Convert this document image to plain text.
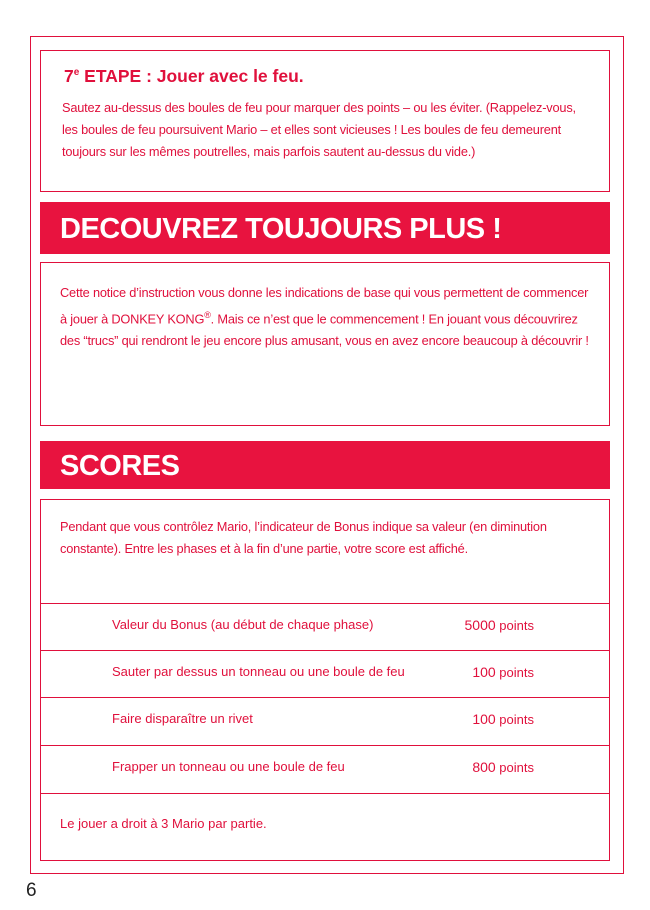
7e ETAPE : Jouer avec le feu.
Sautez au-dessus des boules de feu pour marquer des points – ou les éviter. (Rappelez-vous, les boules de feu poursuivent Mario – et elles sont vicieuses ! Les boules de feu demeurent toujours sur les mêmes poutrelles, mais parfois sautent au-dessus du vide.)
DECOUVREZ TOUJOURS PLUS !
Cette notice d’instruction vous donne les indications de base qui vous permettent de commencer à jouer à DONKEY KONG®. Mais ce n’est que le commencement ! En jouant vous découvrirez des “trucs” qui rendront le jeu encore plus amusant, vous en avez encore beaucoup à découvrir !
SCORES
Pendant que vous contrôlez Mario, l’indicateur de Bonus indique sa valeur (en diminution constante). Entre les phases et à la fin d’une partie, votre score est affiché.
Valeur du Bonus (au début de chaque phase)	5000 points
Sauter par dessus un tonneau ou une boule de feu	100 points
Faire disparaître un rivet	100 points
Frapper un tonneau ou une boule de feu	800 points
Le jouer a droit à 3 Mario par partie.
6
